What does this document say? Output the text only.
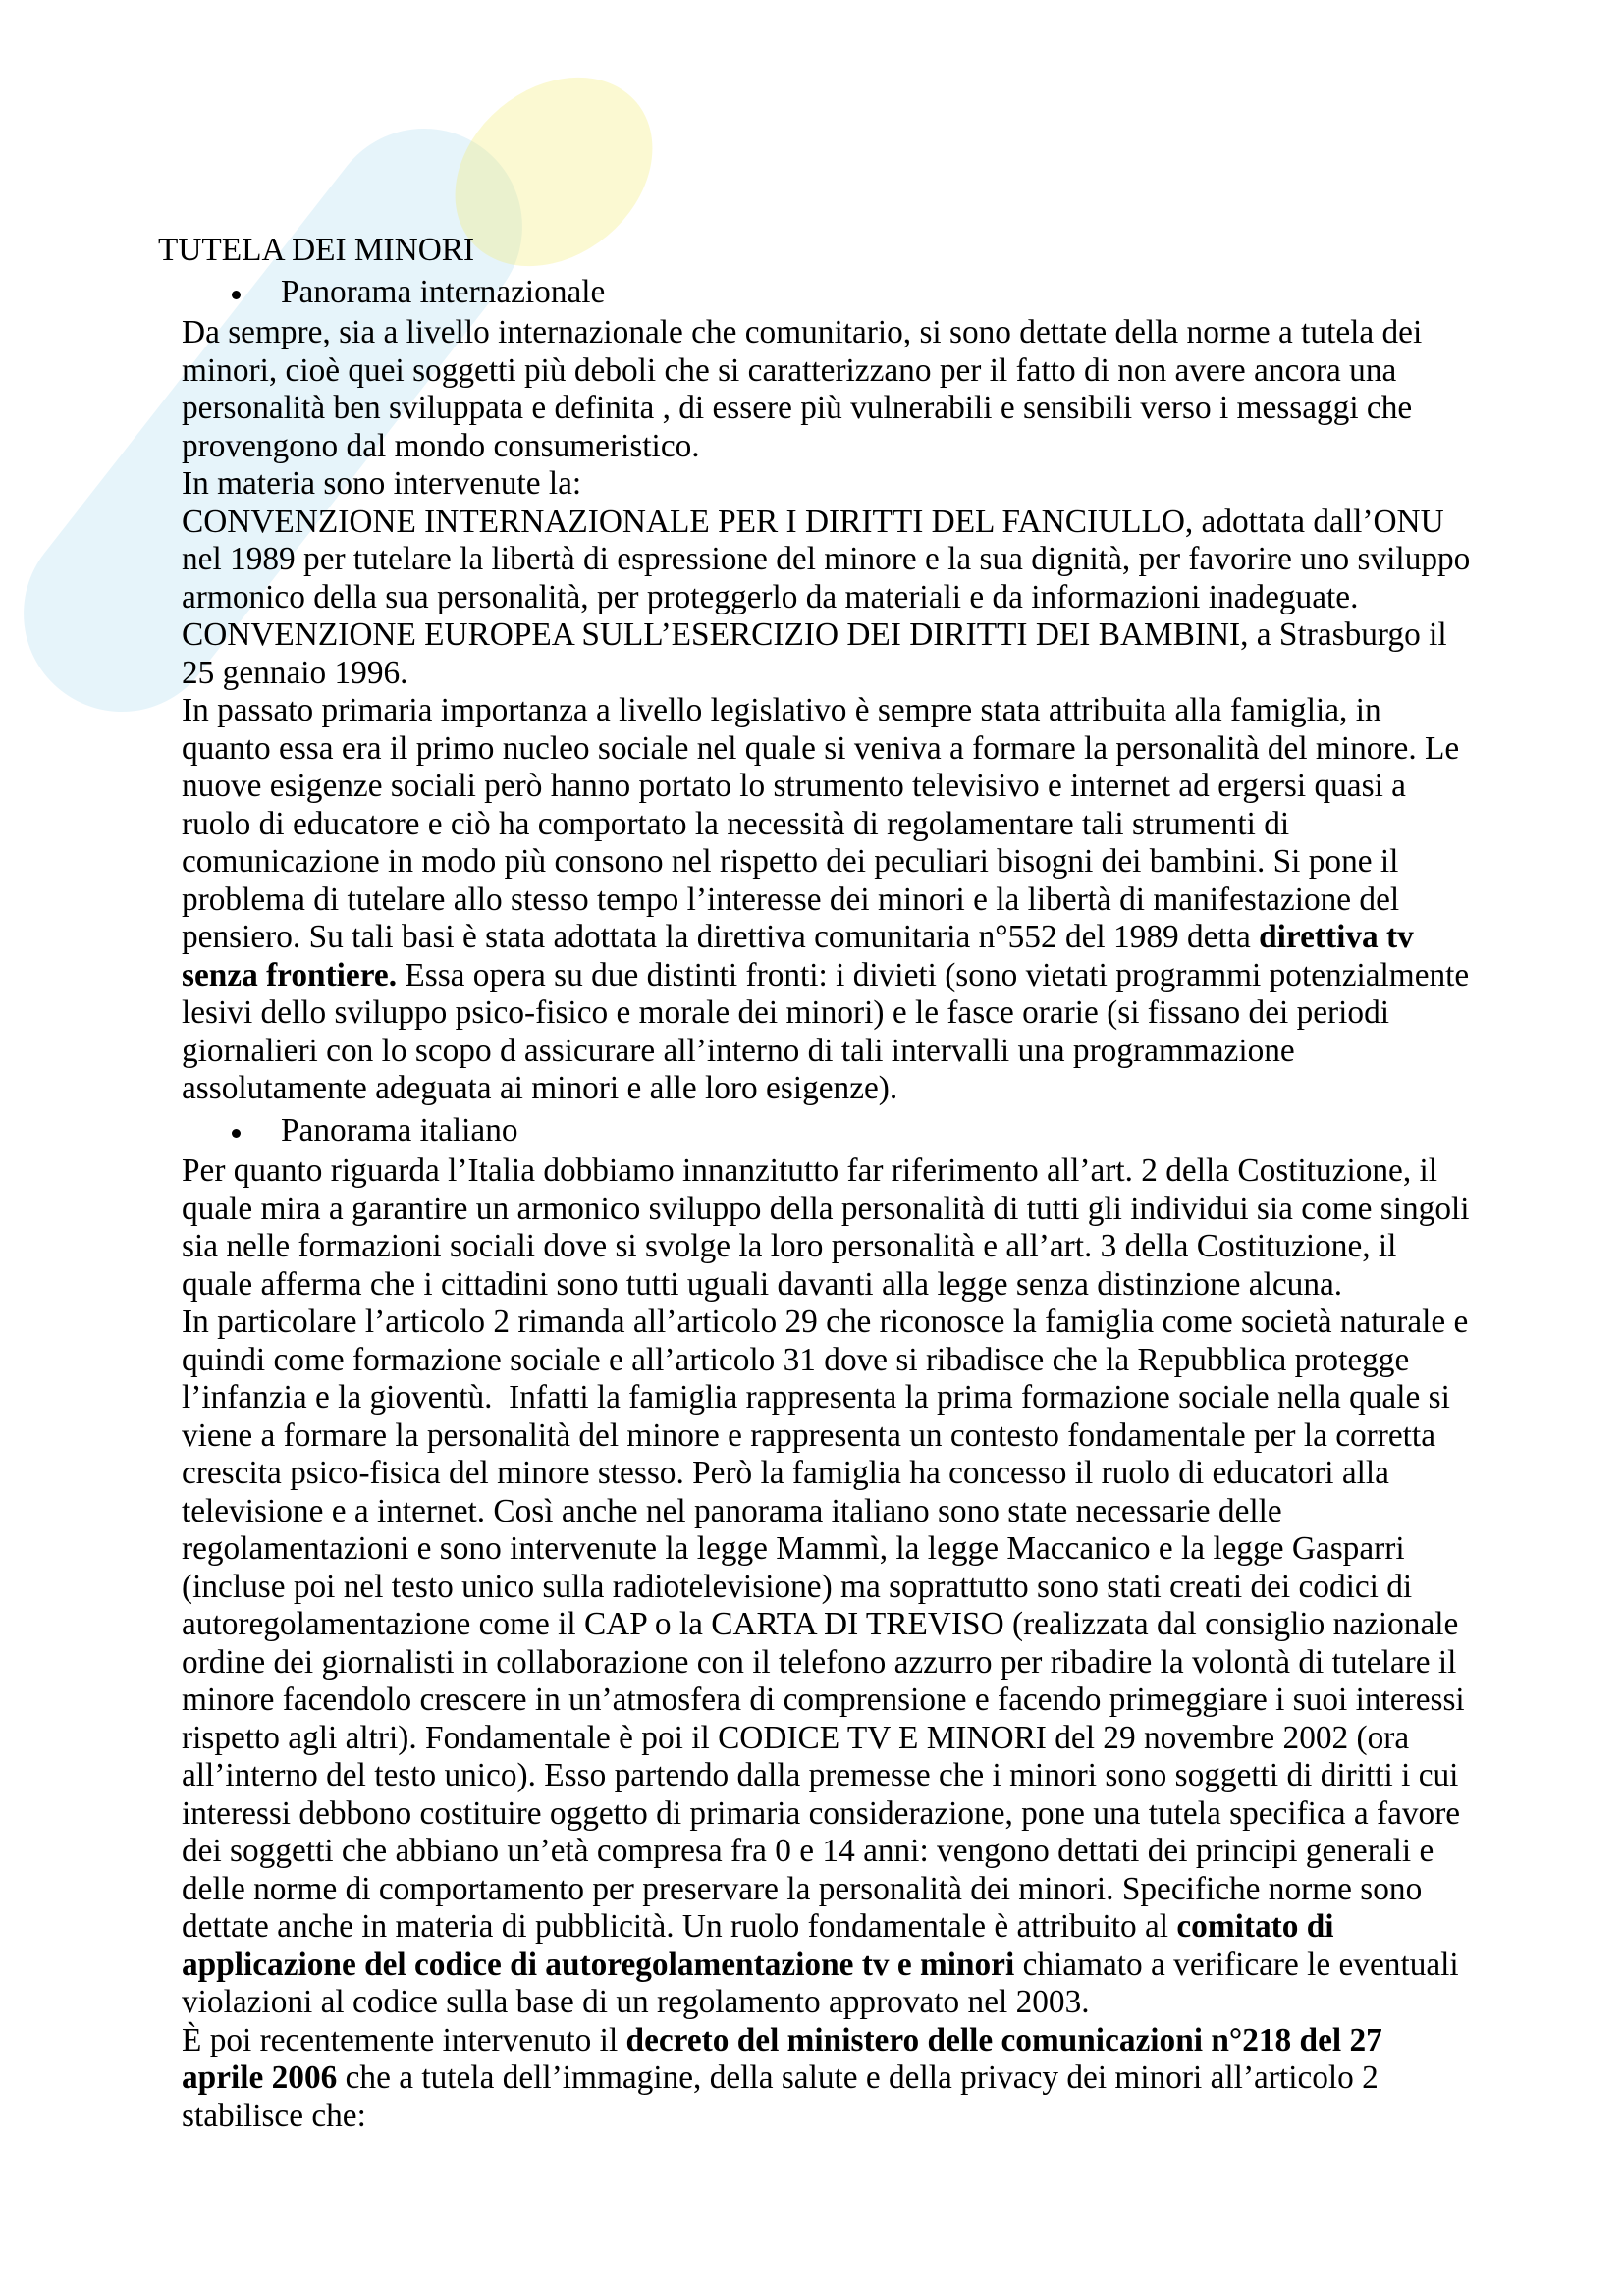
TUTELA DEI MINORI
Panorama internazionale
Da sempre, sia a livello internazionale che comunitario, si sono dettate della norme a tutela dei
minori, cioè quei soggetti più deboli che si caratterizzano per il fatto di non avere ancora una
personalità ben sviluppata e definita , di essere più vulnerabili e sensibili verso i messaggi che
provengono dal mondo consumeristico.
In materia sono intervenute la:
CONVENZIONE INTERNAZIONALE PER I DIRITTI DEL FANCIULLO, adottata dall’ONU
nel 1989 per tutelare la libertà di espressione del minore e la sua dignità, per favorire uno sviluppo
armonico della sua personalità, per proteggerlo da materiali e da informazioni inadeguate.
CONVENZIONE EUROPEA SULL’ESERCIZIO DEI DIRITTI DEI BAMBINI, a Strasburgo il
25 gennaio 1996.
In passato primaria importanza a livello legislativo è sempre stata attribuita alla famiglia, in
quanto essa era il primo nucleo sociale nel quale si veniva a formare la personalità del minore. Le
nuove esigenze sociali però hanno portato lo strumento televisivo e internet ad ergersi quasi a
ruolo di educatore e ciò ha comportato la necessità di regolamentare tali strumenti di
comunicazione in modo più consono nel rispetto dei peculiari bisogni dei bambini. Si pone il
problema di tutelare allo stesso tempo l’interesse dei minori e la libertà di manifestazione del
pensiero. Su tali basi è stata adottata la direttiva comunitaria n°552 del 1989 detta direttiva tv
senza frontiere. Essa opera su due distinti fronti: i divieti (sono vietati programmi potenzialmente
lesivi dello sviluppo psico-fisico e morale dei minori) e le fasce orarie (si fissano dei periodi
giornalieri con lo scopo d assicurare all’interno di tali intervalli una programmazione
assolutamente adeguata ai minori e alle loro esigenze).
Panorama italiano
Per quanto riguarda l’Italia dobbiamo innanzitutto far riferimento all’art. 2 della Costituzione, il
quale mira a garantire un armonico sviluppo della personalità di tutti gli individui sia come singoli
sia nelle formazioni sociali dove si svolge la loro personalità e all’art. 3 della Costituzione, il
quale afferma che i cittadini sono tutti uguali davanti alla legge senza distinzione alcuna.
In particolare l’articolo 2 rimanda all’articolo 29 che riconosce la famiglia come società naturale e
quindi come formazione sociale e all’articolo 31 dove si ribadisce che la Repubblica protegge
l’infanzia e la gioventù.  Infatti la famiglia rappresenta la prima formazione sociale nella quale si
viene a formare la personalità del minore e rappresenta un contesto fondamentale per la corretta
crescita psico-fisica del minore stesso. Però la famiglia ha concesso il ruolo di educatori alla
televisione e a internet. Così anche nel panorama italiano sono state necessarie delle
regolamentazioni e sono intervenute la legge Mammì, la legge Maccanico e la legge Gasparri
(incluse poi nel testo unico sulla radiotelevisione) ma soprattutto sono stati creati dei codici di
autoregolamentazione come il CAP o la CARTA DI TREVISO (realizzata dal consiglio nazionale
ordine dei giornalisti in collaborazione con il telefono azzurro per ribadire la volontà di tutelare il
minore facendolo crescere in un’atmosfera di comprensione e facendo primeggiare i suoi interessi
rispetto agli altri). Fondamentale è poi il CODICE TV E MINORI del 29 novembre 2002 (ora
all’interno del testo unico). Esso partendo dalla premesse che i minori sono soggetti di diritti i cui
interessi debbono costituire oggetto di primaria considerazione, pone una tutela specifica a favore
dei soggetti che abbiano un’età compresa fra 0 e 14 anni: vengono dettati dei principi generali e
delle norme di comportamento per preservare la personalità dei minori. Specifiche norme sono
dettate anche in materia di pubblicità. Un ruolo fondamentale è attribuito al comitato di
applicazione del codice di autoregolamentazione tv e minori chiamato a verificare le eventuali
violazioni al codice sulla base di un regolamento approvato nel 2003.
È poi recentemente intervenuto il decreto del ministero delle comunicazioni n°218 del 27
aprile 2006 che a tutela dell’immagine, della salute e della privacy dei minori all’articolo 2
stabilisce che:
